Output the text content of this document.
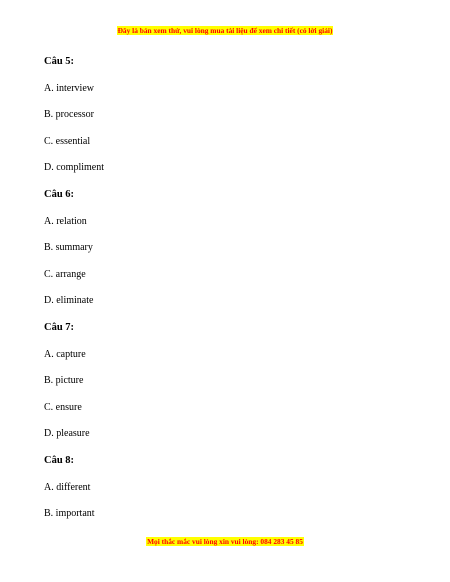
Đây là bản xem thử, vui lòng mua tài liệu để xem chi tiết (có lời giải)
Câu 5:
A. interview
B. processor
C. essential
D. compliment
Câu 6:
A. relation
B. summary
C. arrange
D. eliminate
Câu 7:
A. capture
B. picture
C. ensure
D. pleasure
Câu 8:
A. different
B. important
Mọi thắc mắc vui lòng xin vui lòng: 084 283 45 85
